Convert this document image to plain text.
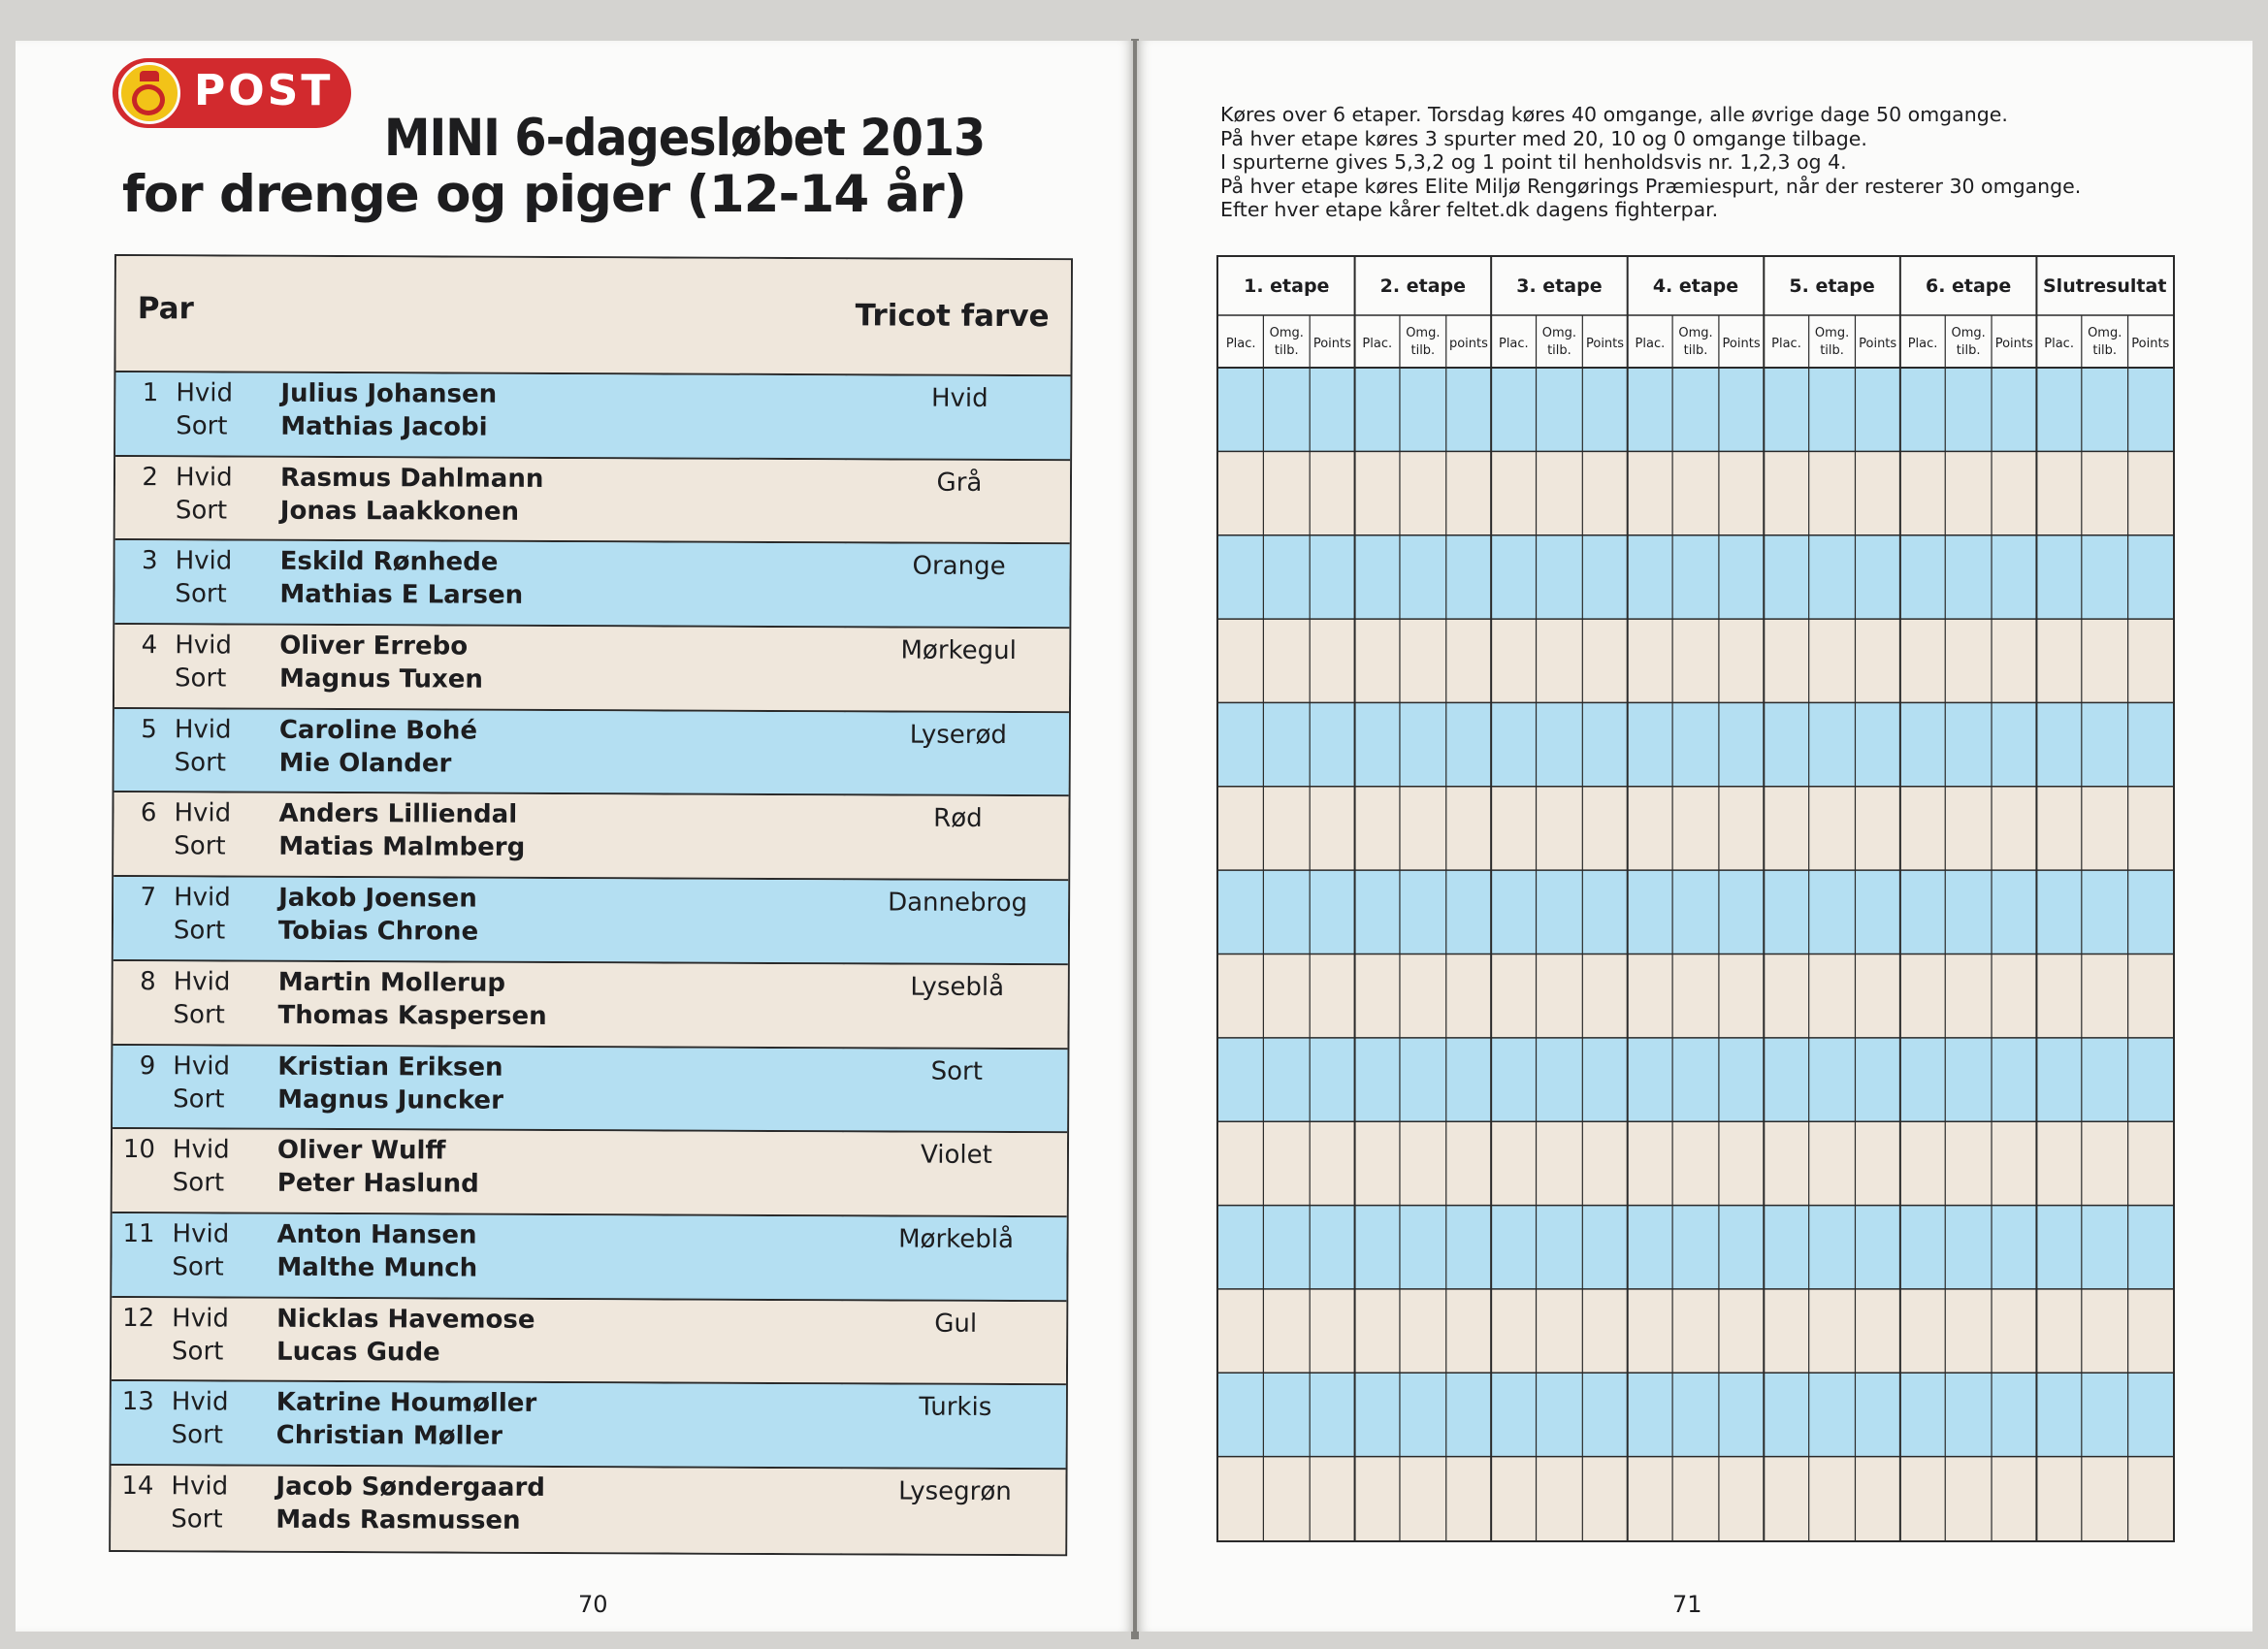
POST
MINI 6-dagesløbet 2013
for drenge og piger (12-14 år)
Par	Tricot farve
1 Hvid
Sort
Julius Johansen
Mathias Jacobi
Hvid
2 Hvid
Sort
Rasmus Dahlmann
Jonas Laakkonen
Grå
3 Hvid
Sort
Eskild Rønhede
Mathias E Larsen
Orange
4 Hvid
Sort
Oliver Errebo
Magnus Tuxen
Mørkegul
5 Hvid
Sort
Caroline Bohé
Mie Olander
Lyserød
6 Hvid
Sort
Anders Lilliendal
Matias Malmberg
Rød
7 Hvid
Sort
Jakob Joensen
Tobias Chrone
Dannebrog
8 Hvid
Sort
Martin Mollerup
Thomas Kaspersen
Lyseblå
9 Hvid
Sort
Kristian Eriksen
Magnus Juncker
Sort
10 Hvid
Sort
Oliver Wulff
Peter Haslund
Violet
11 Hvid
Sort
Anton Hansen
Malthe Munch
Mørkeblå
12 Hvid
Sort
Nicklas Havemose
Lucas Gude
Gul
13 Hvid
Sort
Katrine Houmøller
Christian Møller
Turkis
14 Hvid
Sort
Jacob Søndergaard
Mads Rasmussen
Lysegrøn
70
Køres over 6 etaper. Torsdag køres 40 omgange, alle øvrige dage 50 omgange.
På hver etape køres 3 spurter med 20, 10 og 0 omgange tilbage.
I spurterne gives 5,3,2 og 1 point til henholdsvis nr. 1,2,3 og 4.
På hver etape køres Elite Miljø Rengørings Præmiespurt, når der resterer 30 omgange.
Efter hver etape kårer feltet.dk dagens fighterpar.
1. etape
Plac.
Omg.
tilb. Points
2. etape
Plac.
Omg.
tilb. points
3. etape
Plac.
Omg.
tilb. Points
4. etape
Plac.
Omg.
tilb. Points
5. etape
Plac.
Omg.
tilb. Points
6. etape
Plac.
Omg.
tilb. Points
Slutresultat
Plac.
Omg.
tilb. Points
71
